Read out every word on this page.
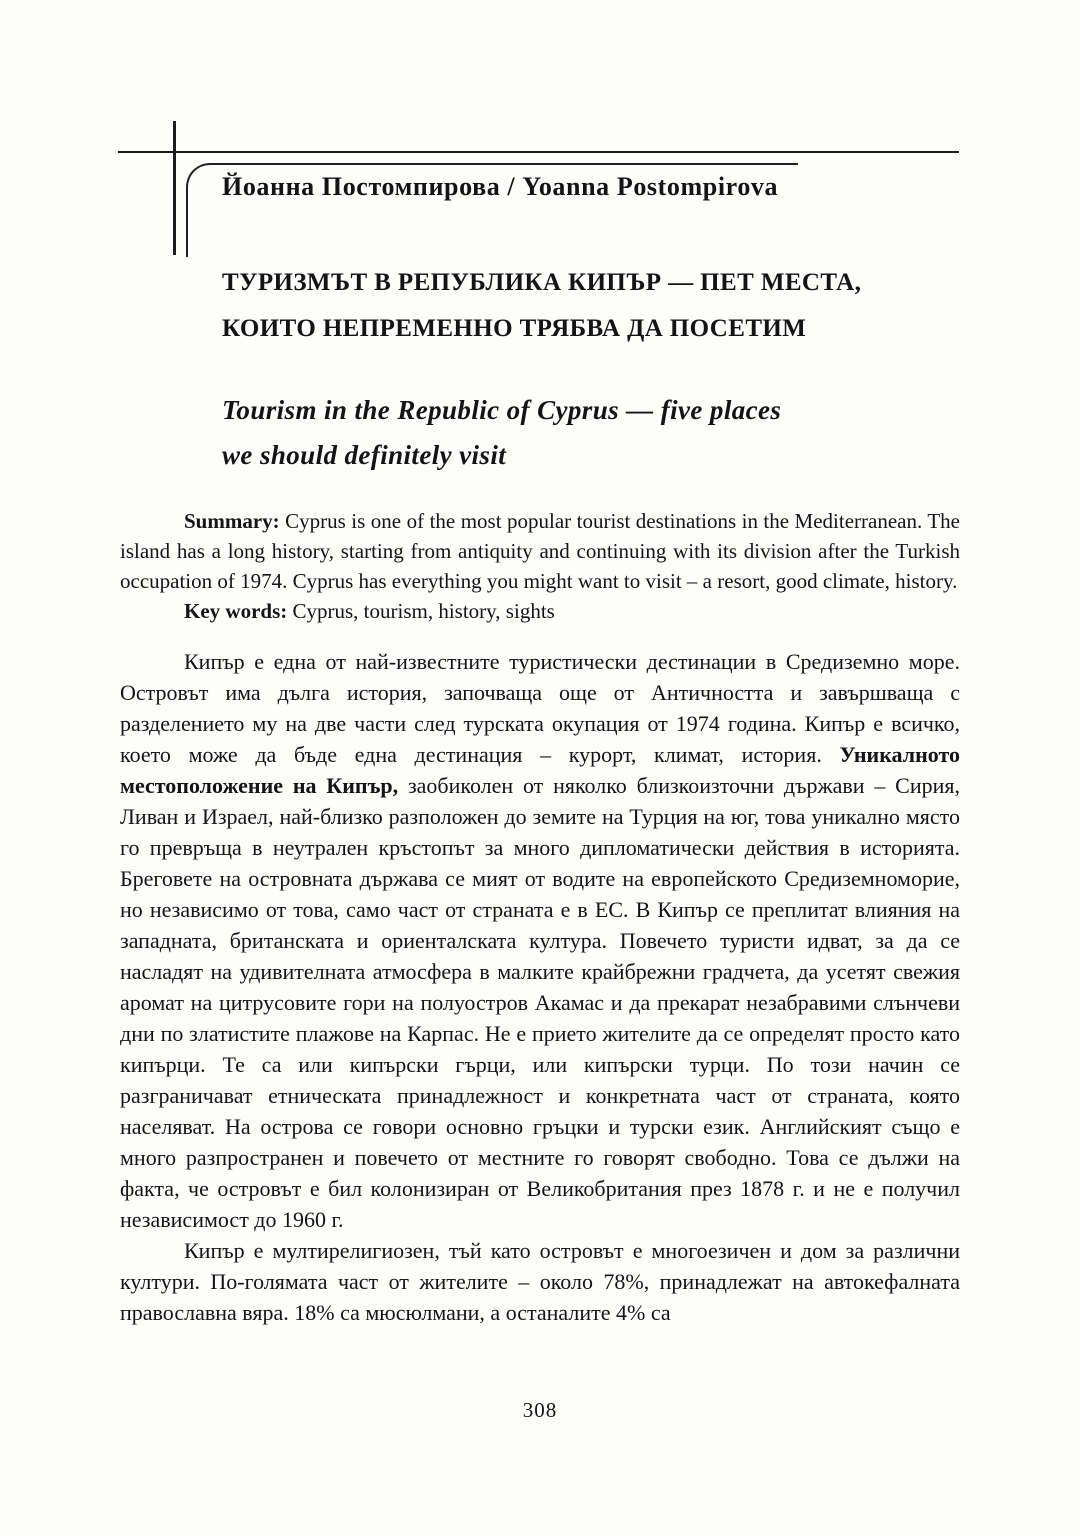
Йоанна Постомпирова / Yoanna Postompirova
ТУРИЗМЪТ В РЕПУБЛИКА КИПЪР — ПЕТ МЕСТА,
КОИТО НЕПРЕМЕННО ТРЯБВА ДА ПОСЕТИМ
Tourism in the Republic of Cyprus — five places
we should definitely visit

Summary: Cyprus is one of the most popular tourist destinations in the Mediterranean. The island has a long history, starting from antiquity and continuing with its division after the Turkish occupation of 1974. Cyprus has everything you might want to visit – a resort, good climate, history.

Key words: Cyprus, tourism, history, sights

Кипър е една от най-известните туристически дестинации в Средиземно море. Островът има дълга история, започваща още от Античността и завършваща с разделението му на две части след турската окупация от 1974 година. Кипър е всичко, което може да бъде една дестинация – курорт, климат, история. Уникалното местоположение на Кипър, заобиколен от няколко близкоизточни държави – Сирия, Ливан и Израел, най-близко разположен до земите на Турция на юг, това уникално място го превръща в неутрален кръстопът за много дипломатически действия в историята. Бреговете на островната държава се мият от водите на европейското Средиземноморие, но независимо от това, само част от страната е в ЕС. В Кипър се преплитат влияния на западната, британската и ориенталската култура. Повечето туристи идват, за да се насладят на удивителната атмосфера в малките крайбрежни градчета, да усетят свежия аромат на цитрусовите гори на полуостров Акамас и да прекарат незабравими слънчеви дни по златистите плажове на Карпас. Не е прието жителите да се определят просто като кипърци. Те са или кипърски гърци, или кипърски турци. По този начин се разграничават етническата принадлежност и конкретната част от страната, която населяват. На острова се говори основно гръцки и турски език. Английският също е много разпространен и повечето от местните го говорят свободно. Това се дължи на факта, че островът е бил колонизиран от Великобритания през 1878 г. и не е получил независимост до 1960 г.

Кипър е мултирелигиозен, тъй като островът е многоезичен и дом за различни култури. По-голямата част от жителите – около 78%, принадлежат на автокефалната православна вяра. 18% са мюсюлмани, а останалите 4% са

308
